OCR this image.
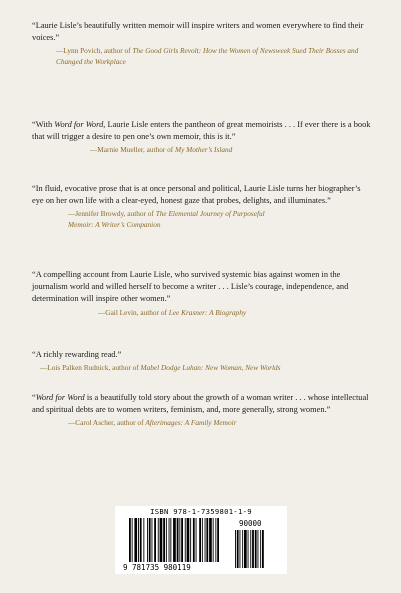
“Laurie Lisle’s beautifully written memoir will inspire writers and women everywhere to find their voices.”

—Lynn Povich, author of The Good Girls Revolt: How the Women of Newsweek Sued Their Bosses and Changed the Workplace

“With Word for Word, Laurie Lisle enters the pantheon of great memoirists . . . If ever there is a book that will trigger a desire to pen one’s own memoir, this is it.”

—Marnie Mueller, author of My Mother’s Island

“In fluid, evocative prose that is at once personal and political, Laurie Lisle turns her biographer’s eye on her own life with a clear-eyed, honest gaze that probes, delights, and illuminates.”

—Jennifer Browdy, author of The Elemental Journey of Purposeful Memoir: A Writer’s Companion

“A compelling account from Laurie Lisle, who survived systemic bias against women in the journalism world and willed herself to become a writer . . . Lisle’s courage, independence, and determination will inspire other women.”

—Gail Levin, author of Lee Krasner: A Biography

“A richly rewarding read.”

—Lois Palken Rudnick, author of Mabel Dodge Luhan: New Woman, New Worlds

“Word for Word is a beautifully told story about the growth of a woman writer . . . whose intellectual and spiritual debts are to women writers, feminism, and, more generally, strong women.”

—Carol Ascher, author of Afterimages: A Family Memoir

ISBN 978-1-7359801-1-9
9 781735 980119
90000
